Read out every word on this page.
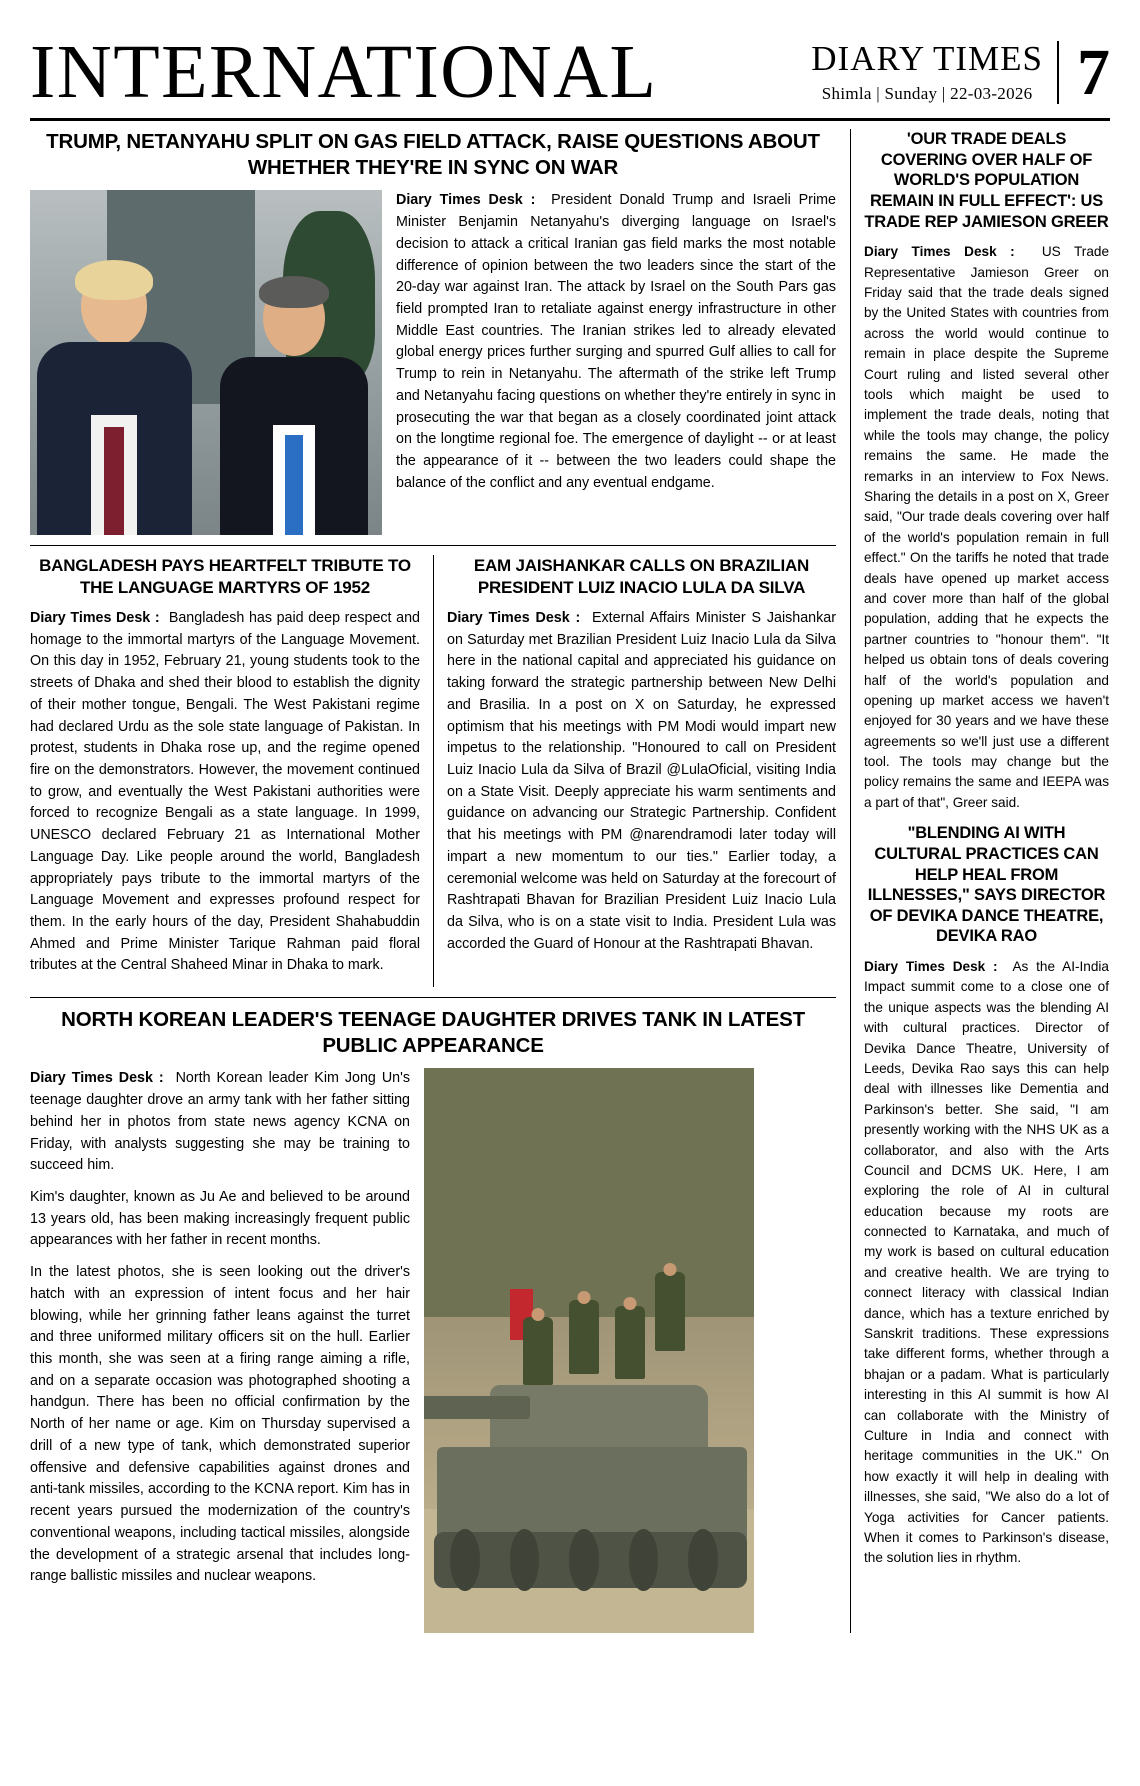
INTERNATIONAL	DIARY TIMES
Shimla | Sunday | 22-03-2026 7
TRUMP, NETANYAHU SPLIT ON GAS FIELD ATTACK, RAISE QUESTIONS ABOUT WHETHER THEY'RE IN SYNC ON WAR

Diary Times Desk : President Donald Trump and Israeli Prime Minister Benjamin Netanyahu's diverging language on Israel's decision to attack a critical Iranian gas field marks the most notable difference of opinion between the two leaders since the start of the 20-day war against Iran. The attack by Israel on the South Pars gas field prompted Iran to retaliate against energy infrastructure in other Middle East countries. The Iranian strikes led to already elevated global energy prices further surging and spurred Gulf allies to call for Trump to rein in Netanyahu. The aftermath of the strike left Trump and Netanyahu facing questions on whether they're entirely in sync in prosecuting the war that began as a closely coordinated joint attack on the longtime regional foe. The emergence of daylight -- or at least the appearance of it -- between the two leaders could shape the balance of the conflict and any eventual endgame.

BANGLADESH PAYS HEARTFELT TRIBUTE TO THE LANGUAGE MARTYRS OF 1952

Diary Times Desk : Bangladesh has paid deep respect and homage to the immortal martyrs of the Language Movement. On this day in 1952, February 21, young students took to the streets of Dhaka and shed their blood to establish the dignity of their mother tongue, Bengali. The West Pakistani regime had declared Urdu as the sole state language of Pakistan. In protest, students in Dhaka rose up, and the regime opened fire on the demonstrators. However, the movement continued to grow, and eventually the West Pakistani authorities were forced to recognize Bengali as a state language. In 1999, UNESCO declared February 21 as International Mother Language Day. Like people around the world, Bangladesh appropriately pays tribute to the immortal martyrs of the Language Movement and expresses profound respect for them. In the early hours of the day, President Shahabuddin Ahmed and Prime Minister Tarique Rahman paid floral tributes at the Central Shaheed Minar in Dhaka to mark.

EAM JAISHANKAR CALLS ON BRAZILIAN PRESIDENT LUIZ INACIO LULA DA SILVA

Diary Times Desk : External Affairs Minister S Jaishankar on Saturday met Brazilian President Luiz Inacio Lula da Silva here in the national capital and appreciated his guidance on taking forward the strategic partnership between New Delhi and Brasilia. In a post on X on Saturday, he expressed optimism that his meetings with PM Modi would impart new impetus to the relationship. "Honoured to call on President Luiz Inacio Lula da Silva of Brazil @LulaOficial, visiting India on a State Visit. Deeply appreciate his warm sentiments and guidance on advancing our Strategic Partnership. Confident that his meetings with PM @narendramodi later today will impart a new momentum to our ties." Earlier today, a ceremonial welcome was held on Saturday at the forecourt of Rashtrapati Bhavan for Brazilian President Luiz Inacio Lula da Silva, who is on a state visit to India. President Lula was accorded the Guard of Honour at the Rashtrapati Bhavan.

NORTH KOREAN LEADER'S TEENAGE DAUGHTER DRIVES TANK IN LATEST PUBLIC APPEARANCE

Diary Times Desk : North Korean leader Kim Jong Un's teenage daughter drove an army tank with her father sitting behind her in photos from state news agency KCNA on Friday, with analysts suggesting she may be training to succeed him.

Kim's daughter, known as Ju Ae and believed to be around 13 years old, has been making increasingly frequent public appearances with her father in recent months.

In the latest photos, she is seen looking out the driver's hatch with an expression of intent focus and her hair blowing, while her grinning father leans against the turret and three uniformed military officers sit on the hull. Earlier this month, she was seen at a firing range aiming a rifle, and on a separate occasion was photographed shooting a handgun. There has been no official confirmation by the North of her name or age. Kim on Thursday supervised a drill of a new type of tank, which demonstrated superior offensive and defensive capabilities against drones and anti-tank missiles, according to the KCNA report. Kim has in recent years pursued the modernization of the country's conventional weapons, including tactical missiles, alongside the development of a strategic arsenal that includes long-range ballistic missiles and nuclear weapons.

'OUR TRADE DEALS COVERING OVER HALF OF WORLD'S POPULATION REMAIN IN FULL EFFECT': US TRADE REP JAMIESON GREER

Diary Times Desk : US Trade Representative Jamieson Greer on Friday said that the trade deals signed by the United States with countries from across the world would continue to remain in place despite the Supreme Court ruling and listed several other tools which maight be used to implement the trade deals, noting that while the tools may change, the policy remains the same. He made the remarks in an interview to Fox News. Sharing the details in a post on X, Greer said, "Our trade deals covering over half of the world's population remain in full effect." On the tariffs he noted that trade deals have opened up market access and cover more than half of the global population, adding that he expects the partner countries to "honour them". "It helped us obtain tons of deals covering half of the world's population and opening up market access we haven't enjoyed for 30 years and we have these agreements so we'll just use a different tool. The tools may change but the policy remains the same and IEEPA was a part of that", Greer said.

"BLENDING AI WITH CULTURAL PRACTICES CAN HELP HEAL FROM ILLNESSES," SAYS DIRECTOR OF DEVIKA DANCE THEATRE, DEVIKA RAO

Diary Times Desk : As the AI-India Impact summit come to a close one of the unique aspects was the blending AI with cultural practices. Director of Devika Dance Theatre, University of Leeds, Devika Rao says this can help deal with illnesses like Dementia and Parkinson's better. She said, "I am presently working with the NHS UK as a collaborator, and also with the Arts Council and DCMS UK. Here, I am exploring the role of AI in cultural education because my roots are connected to Karnataka, and much of my work is based on cultural education and creative health. We are trying to connect literacy with classical Indian dance, which has a texture enriched by Sanskrit traditions. These expressions take different forms, whether through a bhajan or a padam. What is particularly interesting in this AI summit is how AI can collaborate with the Ministry of Culture in India and connect with heritage communities in the UK." On how exactly it will help in dealing with illnesses, she said, "We also do a lot of Yoga activities for Cancer patients. When it comes to Parkinson's disease, the solution lies in rhythm.
